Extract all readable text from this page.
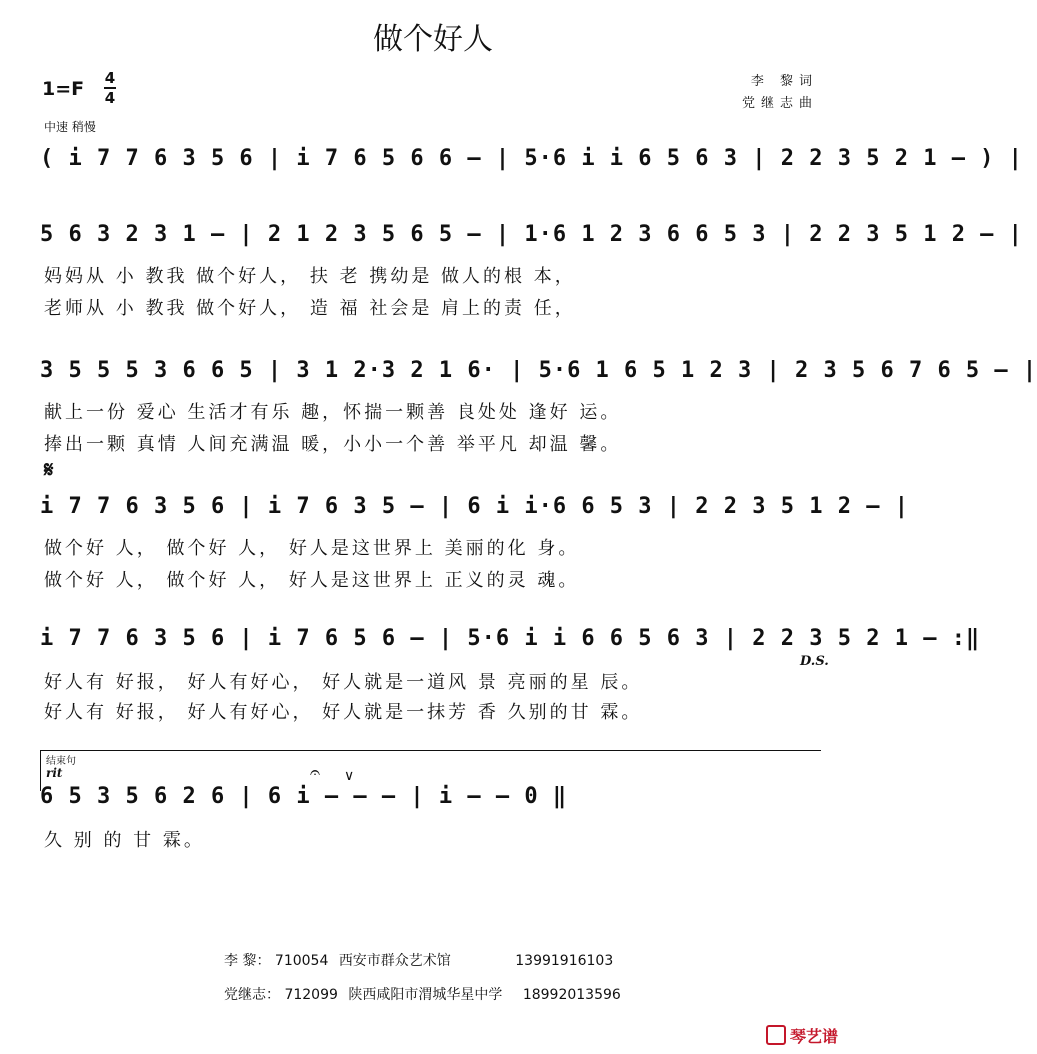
做个好人
1=F 4
4
李 黎词
党继志曲
中速 稍慢
( i 7 7 6 3 5 6 | i 7 6 5 6 6 – | 5·6 i i 6 5 6 3 | 2 2 3 5 2 1 – ) |
5 6 3 2 3 1 – | 2 1 2 3 5 6 5 – | 1·6 1 2 3 6 6 5 3 | 2 2 3 5 1 2 – |
妈妈从 小 教我 做个好人， 扶 老 携幼是 做人的根 本，
老师从 小 教我 做个好人， 造 福 社会是 肩上的责 任，
3 5 5 5 3 6 6 5 | 3 1 2·3 2 1 6· | 5·6 1 6 5 1 2 3 | 2 3 5 6 7 6 5 – |
献上一份 爱心 生活才有乐 趣，怀揣一颗善 良处处 逢好 运。
捧出一颗 真情 人间充满温 暖，小小一个善 举平凡 却温 馨。
𝄋
i 7 7 6 3 5 6 | i 7 6 3 5 – | 6 i i·6 6 5 3 | 2 2 3 5 1 2 – |
做个好 人， 做个好 人， 好人是这世界上 美丽的化 身。
做个好 人， 做个好 人， 好人是这世界上 正义的灵 魂。
i 7 7 6 3 5 6 | i 7 6 5 6 – | 5·6 i i 6 6 5 6 3 | 2 2 3 5 2 1 – :‖
D.S.
好人有 好报， 好人有好心， 好人就是一道风 景 亮丽的星 辰。
好人有 好报， 好人有好心， 好人就是一抹芳 香 久别的甘 霖。
结束句
rit	𝄐 ∨
6 5 3 5 6 2 6 | 6 i – – – | i – – 0 ‖
久 别 的 甘 霖。
李 黎： 710054 西安市群众艺术馆	13991916103
党继志： 712099 陕西咸阳市渭城华星中学 18992013596
琴艺谱
